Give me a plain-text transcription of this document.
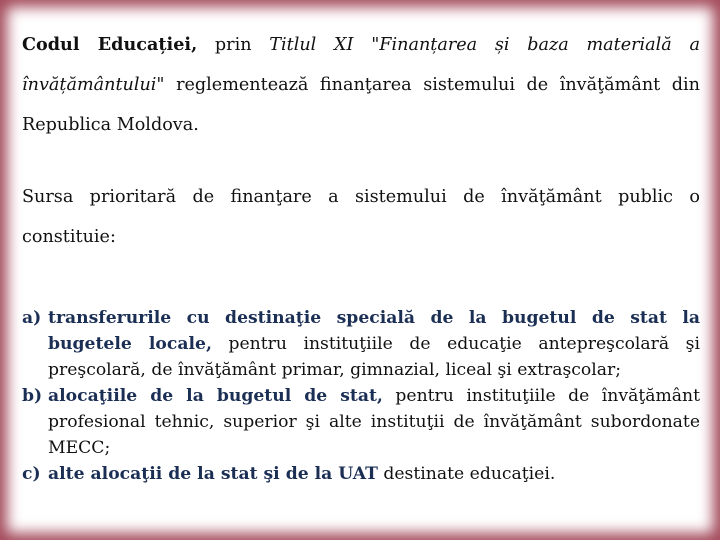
Codul Educației, prin Titlul XI "Finanțarea și baza materială a învățământului" reglementează finanţarea sistemului de învăţământ din Republica Moldova.

Sursa prioritară de finanţare a sistemului de învăţământ public o constituie:

a) transferurile cu destinaţie specială de la bugetul de stat la bugetele locale, pentru instituţiile de educaţie antepreşcolară şi preşcolară, de învăţământ primar, gimnazial, liceal şi extraşcolar;
b) alocaţiile de la bugetul de stat, pentru instituţiile de învăţământ profesional tehnic, superior şi alte instituţii de învăţământ subordonate MECC;
c) alte alocaţii de la stat şi de la UAT destinate educaţiei.
